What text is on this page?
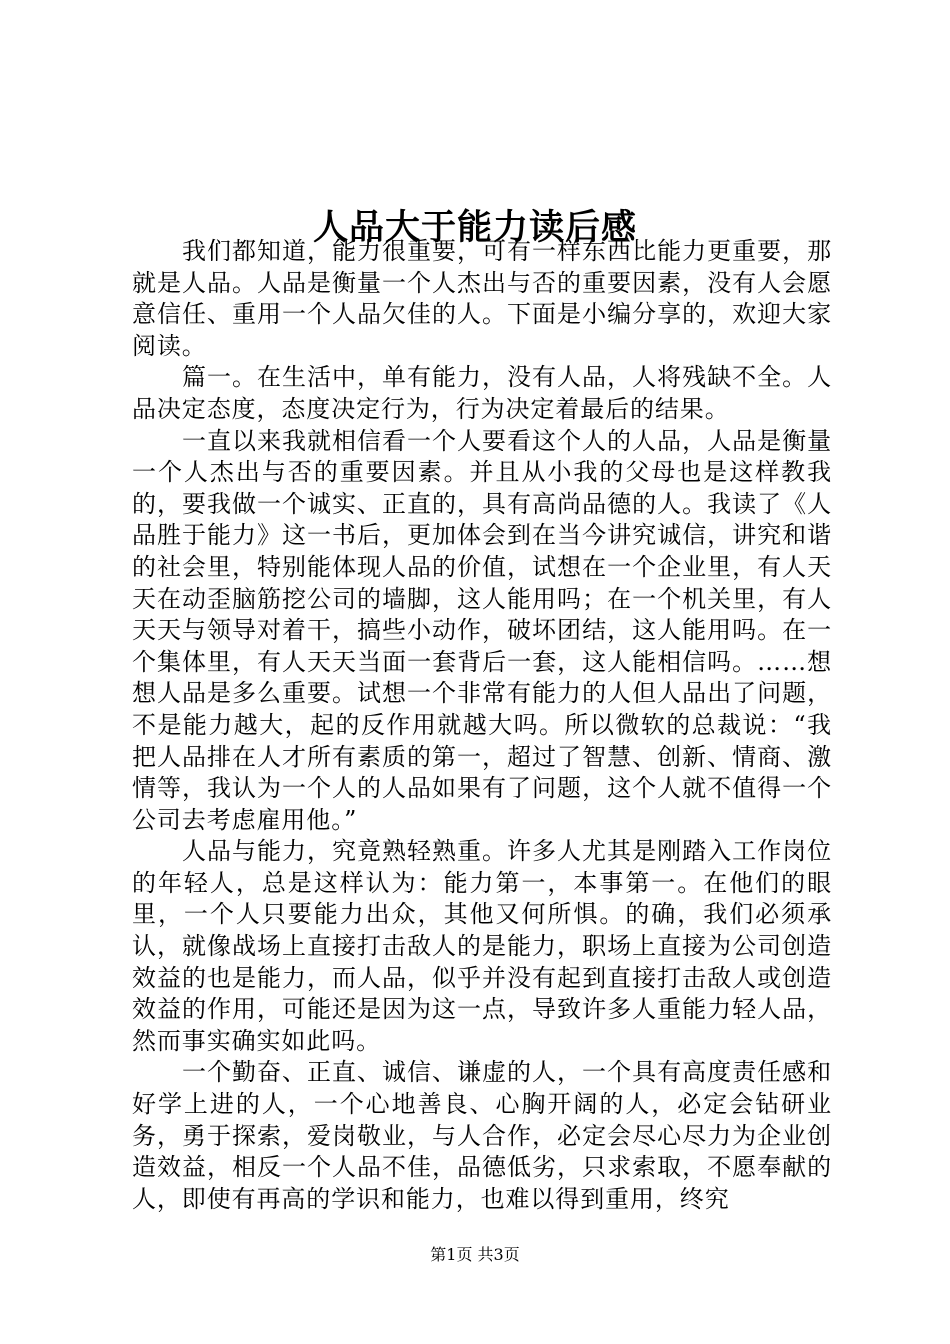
人品大于能力读后感

我们都知道，能力很重要，可有一样东西比能力更重要，那就是人品。人品是衡量一个人杰出与否的重要因素，没有人会愿意信任、重用一个人品欠佳的人。下面是小编分享的，欢迎大家阅读。

篇一。在生活中，单有能力，没有人品，人将残缺不全。人品决定态度，态度决定行为，行为决定着最后的结果。

一直以来我就相信看一个人要看这个人的人品，人品是衡量一个人杰出与否的重要因素。并且从小我的父母也是这样教我的，要我做一个诚实、正直的，具有高尚品德的人。我读了《人品胜于能力》这一书后，更加体会到在当今讲究诚信，讲究和谐的社会里，特别能体现人品的价值，试想在一个企业里，有人天天在动歪脑筋挖公司的墙脚，这人能用吗；在一个机关里，有人天天与领导对着干，搞些小动作，破坏团结，这人能用吗。在一个集体里，有人天天当面一套背后一套，这人能相信吗。……想想人品是多么重要。试想一个非常有能力的人但人品出了问题，不是能力越大，起的反作用就越大吗。所以微软的总裁说：“我把人品排在人才所有素质的第一，超过了智慧、创新、情商、激情等，我认为一个人的人品如果有了问题，这个人就不值得一个公司去考虑雇用他。”

人品与能力，究竟熟轻熟重。许多人尤其是刚踏入工作岗位的年轻人，总是这样认为：能力第一，本事第一。在他们的眼里，一个人只要能力出众，其他又何所惧。的确，我们必须承认，就像战场上直接打击敌人的是能力，职场上直接为公司创造效益的也是能力，而人品，似乎并没有起到直接打击敌人或创造效益的作用，可能还是因为这一点，导致许多人重能力轻人品，然而事实确实如此吗。

一个勤奋、正直、诚信、谦虚的人，一个具有高度责任感和好学上进的人，一个心地善良、心胸开阔的人，必定会钻研业务，勇于探索，爱岗敬业，与人合作，必定会尽心尽力为企业创造效益，相反一个人品不佳，品德低劣，只求索取，不愿奉献的人，即使有再高的学识和能力，也难以得到重用，终究

第1页 共3页
